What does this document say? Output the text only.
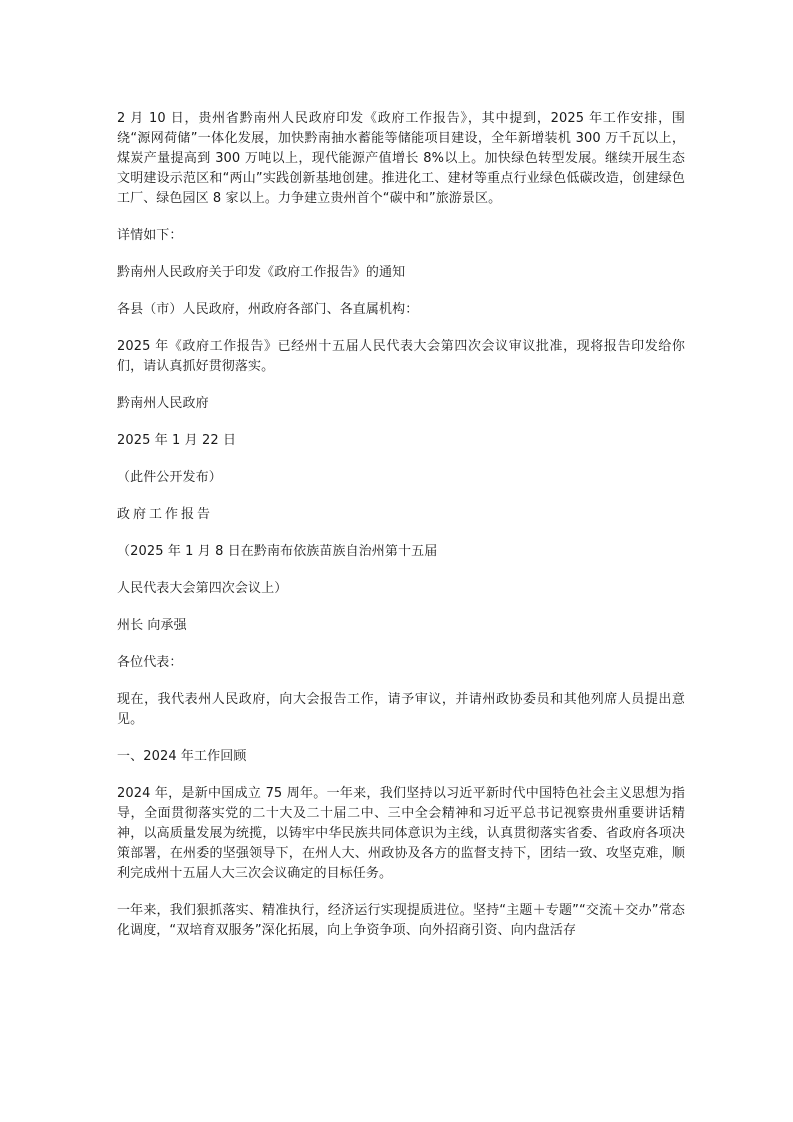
2 月 10 日，贵州省黔南州人民政府印发《政府工作报告》，其中提到，2025 年工作安排，围绕“源网荷储”一体化发展，加快黔南抽水蓄能等储能项目建设，全年新增装机 300 万千瓦以上，煤炭产量提高到 300 万吨以上，现代能源产值增长 8%以上。加快绿色转型发展。继续开展生态文明建设示范区和“两山”实践创新基地创建。推进化工、建材等重点行业绿色低碳改造，创建绿色工厂、绿色园区 8 家以上。力争建立贵州首个“碳中和”旅游景区。

详情如下：

黔南州人民政府关于印发《政府工作报告》的通知

各县（市）人民政府，州政府各部门、各直属机构：

2025 年《政府工作报告》已经州十五届人民代表大会第四次会议审议批准，现将报告印发给你们，请认真抓好贯彻落实。

黔南州人民政府

2025 年 1 月 22 日

（此件公开发布）

政府工作报告

（2025 年 1 月 8 日在黔南布依族苗族自治州第十五届

人民代表大会第四次会议上）

州长 向承强

各位代表：

现在，我代表州人民政府，向大会报告工作，请予审议，并请州政协委员和其他列席人员提出意见。

一、2024 年工作回顾

2024 年，是新中国成立 75 周年。一年来，我们坚持以习近平新时代中国特色社会主义思想为指导，全面贯彻落实党的二十大及二十届二中、三中全会精神和习近平总书记视察贵州重要讲话精神，以高质量发展为统揽，以铸牢中华民族共同体意识为主线，认真贯彻落实省委、省政府各项决策部署，在州委的坚强领导下，在州人大、州政协及各方的监督支持下，团结一致、攻坚克难，顺利完成州十五届人大三次会议确定的目标任务。

一年来，我们狠抓落实、精准执行，经济运行实现提质进位。坚持“主题＋专题”“交流＋交办”常态化调度，“双培育双服务”深化拓展，向上争资争项、向外招商引资、向内盘活存
